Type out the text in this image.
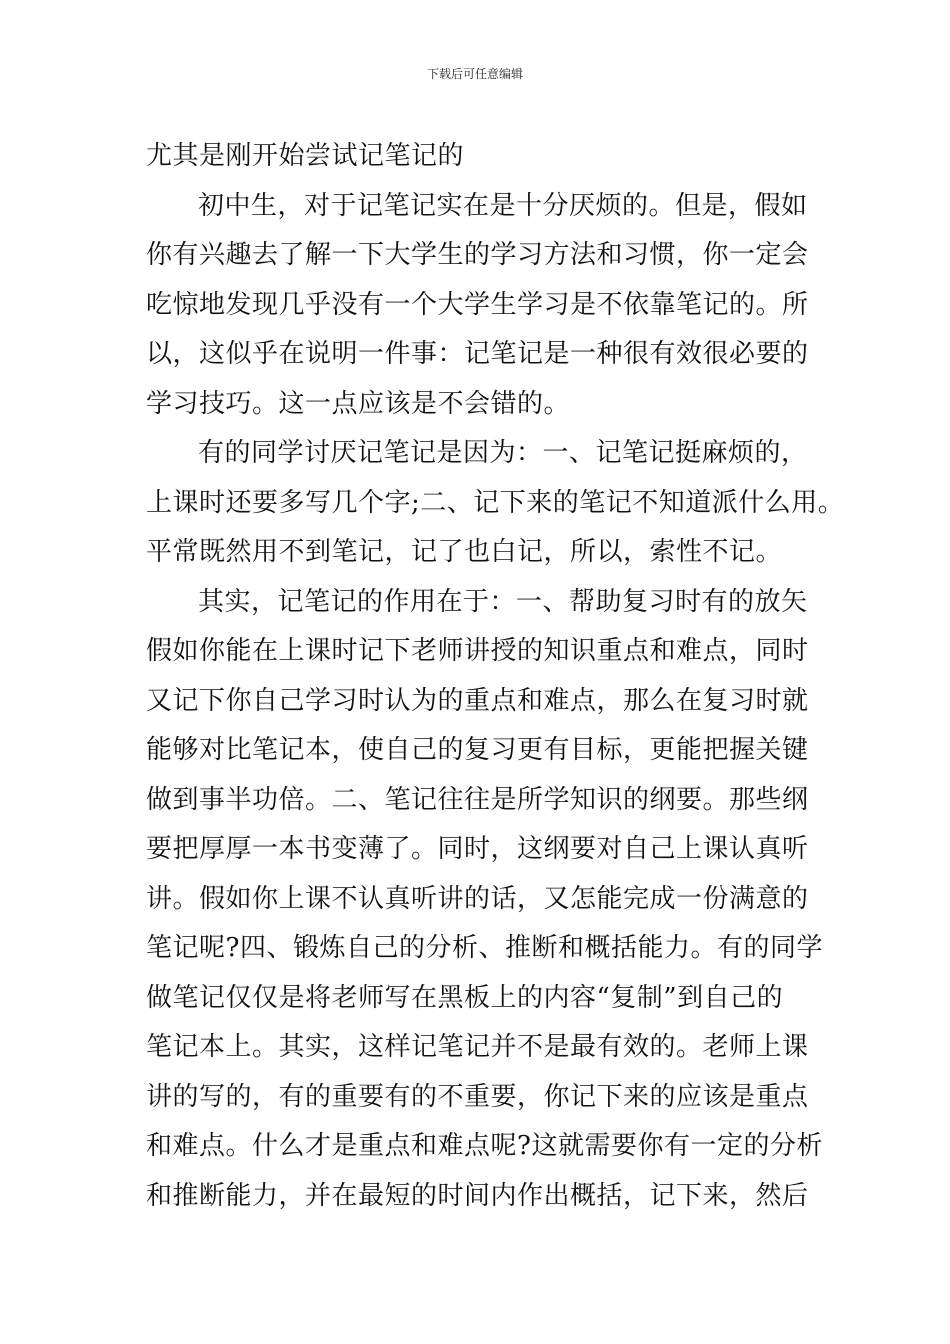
下载后可任意编辑
尤其是刚开始尝试记笔记的
初中生，对于记笔记实在是十分厌烦的。但是，假如
你有兴趣去了解一下大学生的学习方法和习惯，你一定会
吃惊地发现几乎没有一个大学生学习是不依靠笔记的。所
以，这似乎在说明一件事：记笔记是一种很有效很必要的
学习技巧。这一点应该是不会错的。
有的同学讨厌记笔记是因为：一、记笔记挺麻烦的，
上课时还要多写几个字;二、记下来的笔记不知道派什么用。
平常既然用不到笔记，记了也白记，所以，索性不记。
其实，记笔记的作用在于：一、帮助复习时有的放矢
假如你能在上课时记下老师讲授的知识重点和难点，同时
又记下你自己学习时认为的重点和难点，那么在复习时就
能够对比笔记本，使自己的复习更有目标，更能把握关键
做到事半功倍。二、笔记往往是所学知识的纲要。那些纲
要把厚厚一本书变薄了。同时，这纲要对自己上课认真听
讲。假如你上课不认真听讲的话，又怎能完成一份满意的
笔记呢?四、锻炼自己的分析、推断和概括能力。有的同学
做笔记仅仅是将老师写在黑板上的内容“复制”到自己的
笔记本上。其实，这样记笔记并不是最有效的。老师上课
讲的写的，有的重要有的不重要，你记下来的应该是重点
和难点。什么才是重点和难点呢?这就需要你有一定的分析
和推断能力，并在最短的时间内作出概括，记下来，然后
